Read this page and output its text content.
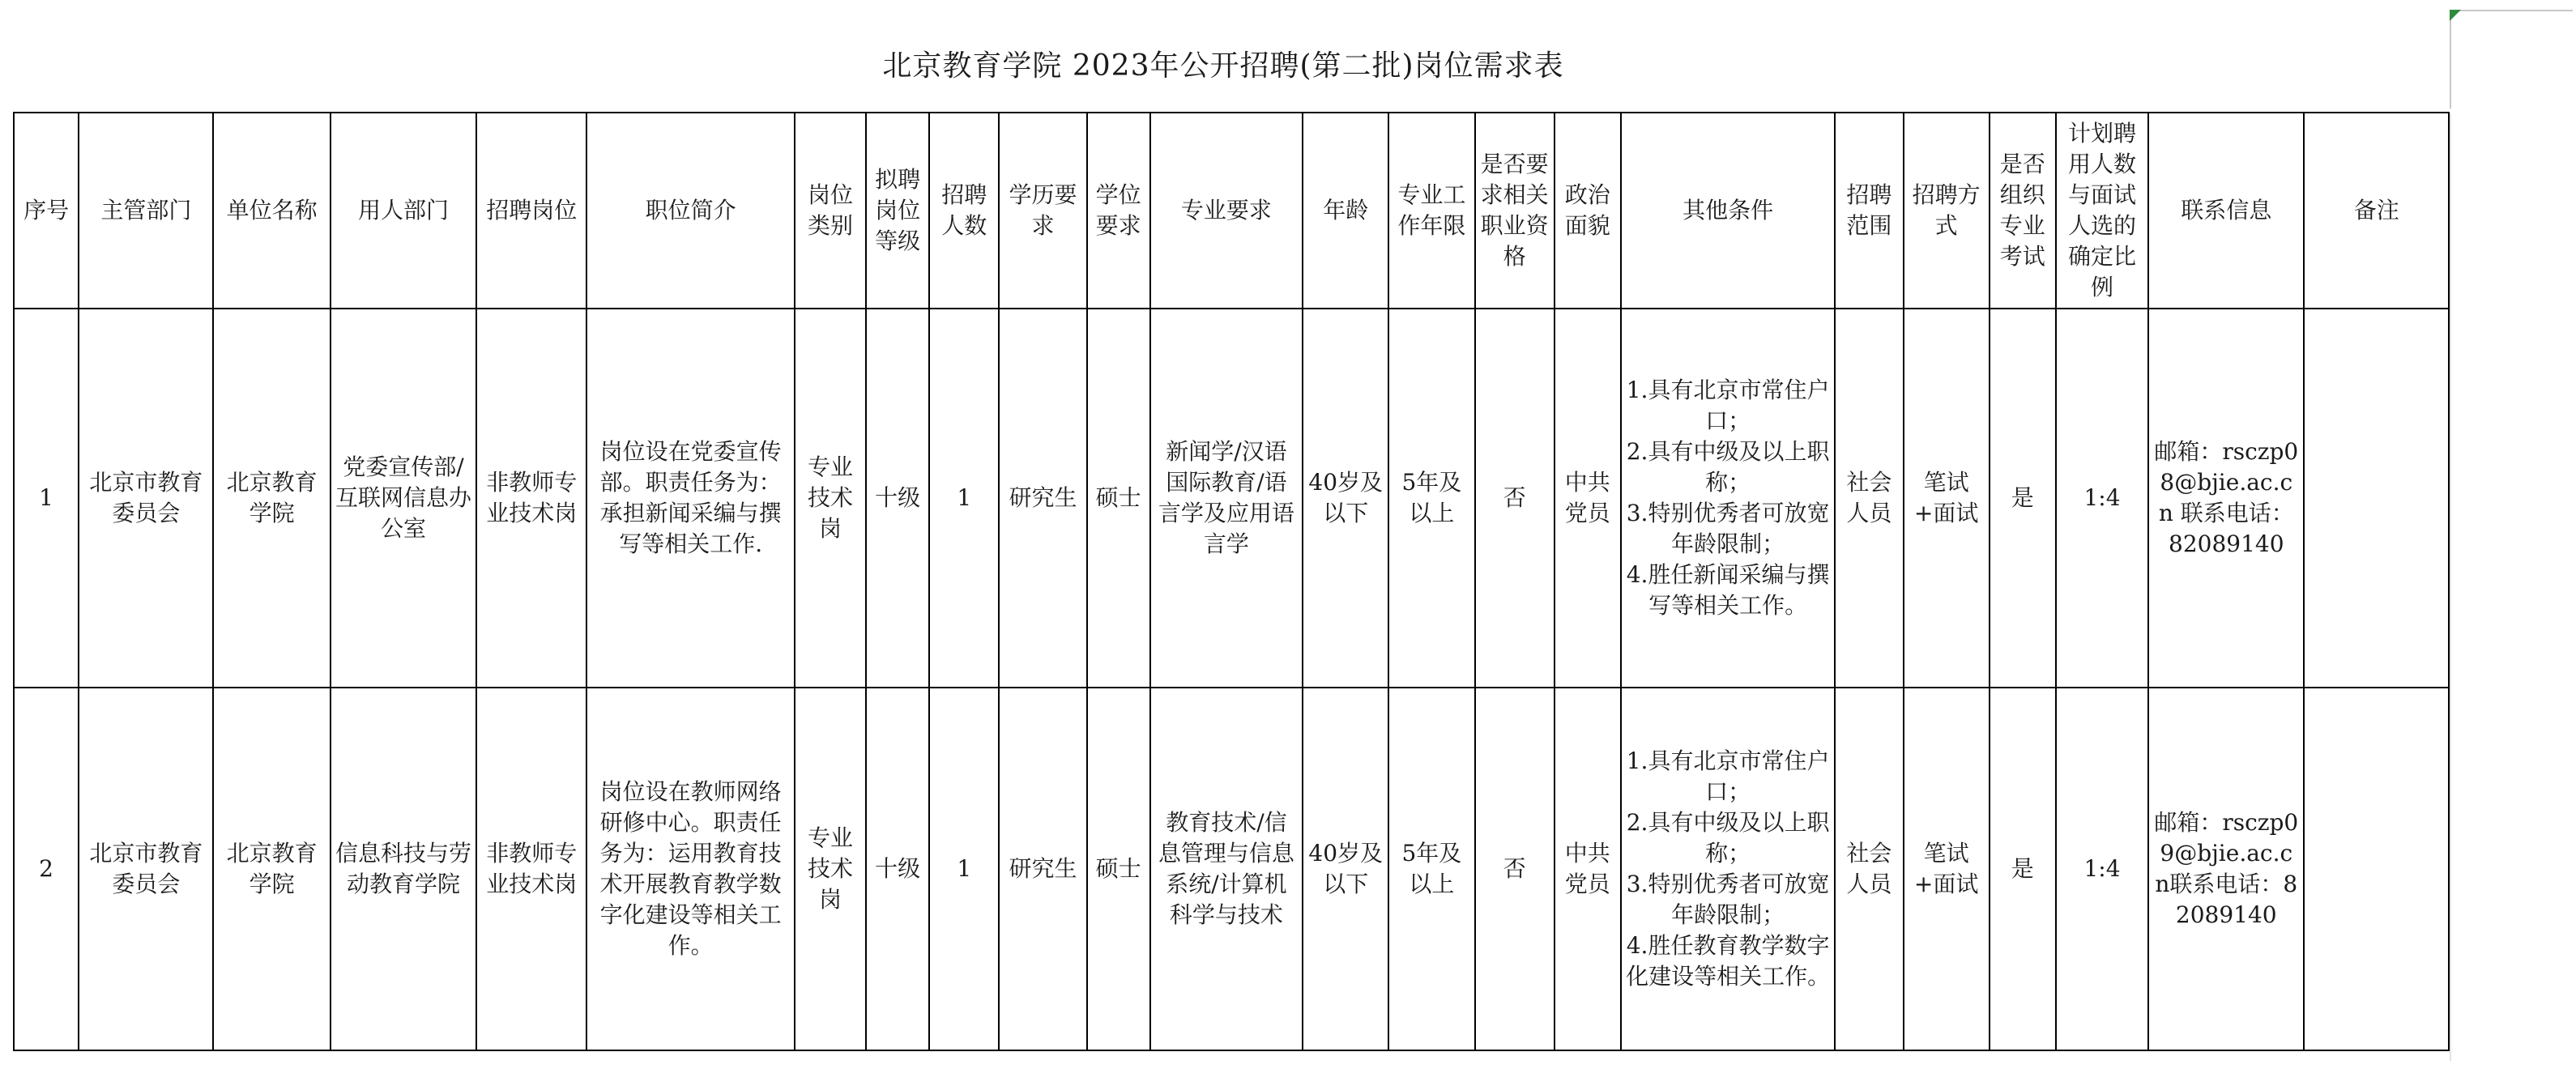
北京教育学院 2023年公开招聘(第二批)岗位需求表
序号	主管部门	单位名称	用人部门	招聘岗位	职位简介	岗位类别	拟聘岗位等级	招聘人数	学历要求	学位要求	专业要求	年龄	专业工作年限	是否要求相关职业资格	政治面貌	其他条件	招聘范围	招聘方式	是否组织专业考试	计划聘用人数与面试人选的确定比例	联系信息	备注
1	北京市教育委员会	北京教育学院	党委宣传部/互联网信息办公室	非教师专业技术岗	岗位设在党委宣传部。职责任务为：承担新闻采编与撰写等相关工作.	专业技术岗	十级	1	研究生	硕士	新闻学/汉语国际教育/语言学及应用语言学	40岁及以下	5年及以上	否	中共党员	1.具有北京市常住户口；
2.具有中级及以上职称；
3.特别优秀者可放宽年龄限制；
4.胜任新闻采编与撰写等相关工作。	社会人员	笔试+面试	是	1:4	邮箱：rsczp08@bjie.ac.cn 联系电话：82089140	
2	北京市教育委员会	北京教育学院	信息科技与劳动教育学院	非教师专业技术岗	岗位设在教师网络研修中心。职责任务为：运用教育技术开展教育教学数字化建设等相关工作。	专业技术岗	十级	1	研究生	硕士	教育技术/信息管理与信息系统/计算机科学与技术	40岁及以下	5年及以上	否	中共党员	1.具有北京市常住户口；
2.具有中级及以上职称；
3.特别优秀者可放宽年龄限制；
4.胜任教育教学数字化建设等相关工作。	社会人员	笔试+面试	是	1:4	邮箱：rsczp09@bjie.ac.cn联系电话：82089140	
